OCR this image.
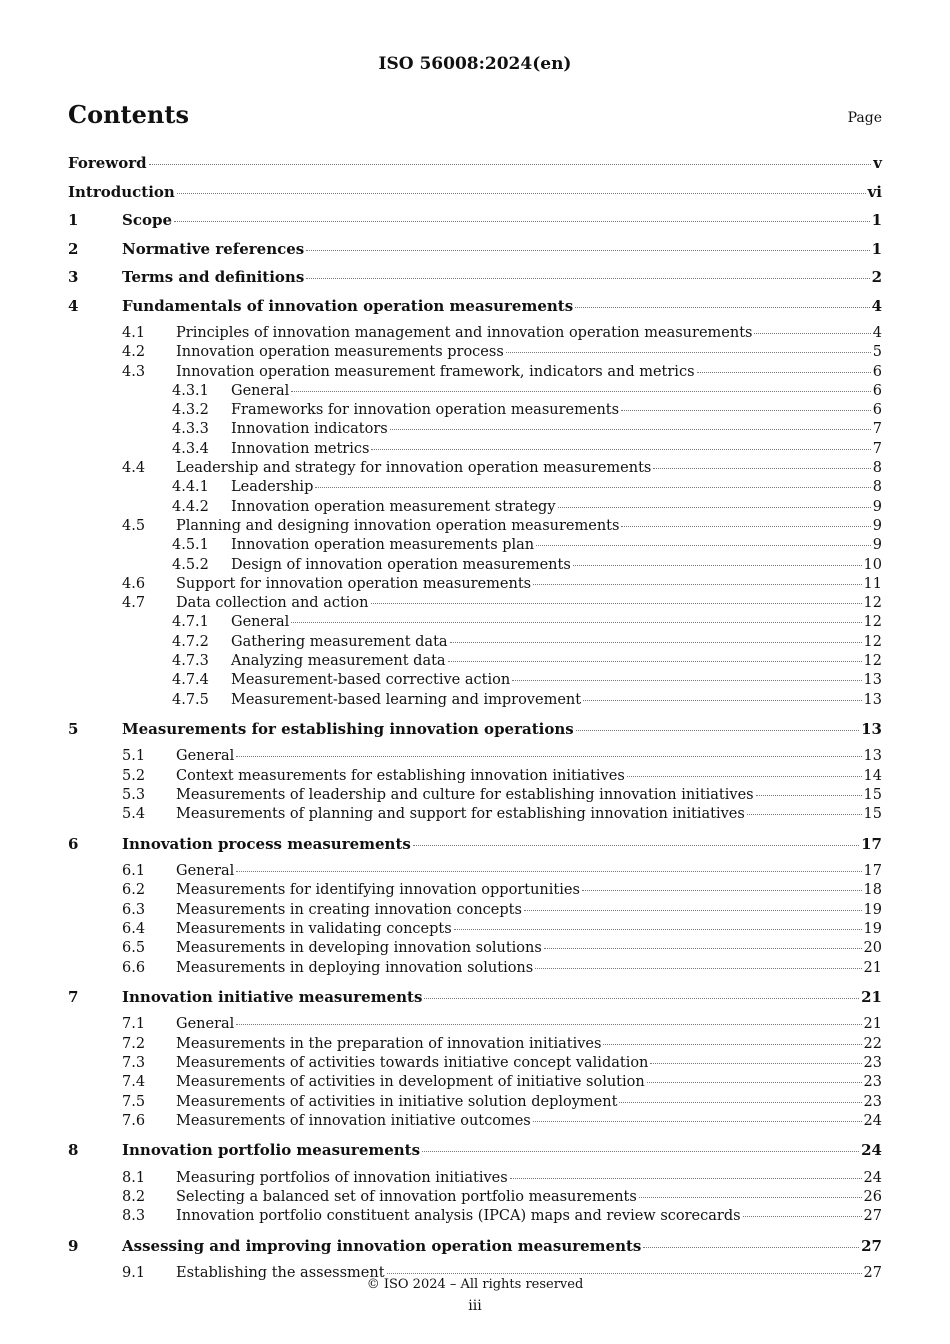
ISO 56008:2024(en)
Contents	Page
Foreword	v
Introduction	vi
1	Scope	1
2	Normative references	1
3	Terms and definitions	2
4	Fundamentals of innovation operation measurements	4
4.1	Principles of innovation management and innovation operation measurements	4
4.2	Innovation operation measurements process	5
4.3	Innovation operation measurement framework, indicators and metrics	6
4.3.1	General	6
4.3.2	Frameworks for innovation operation measurements	6
4.3.3	Innovation indicators	7
4.3.4	Innovation metrics	7
4.4	Leadership and strategy for innovation operation measurements	8
4.4.1	Leadership	8
4.4.2	Innovation operation measurement strategy	9
4.5	Planning and designing innovation operation measurements	9
4.5.1	Innovation operation measurements plan	9
4.5.2	Design of innovation operation measurements	10
4.6	Support for innovation operation measurements	11
4.7	Data collection and action	12
4.7.1	General	12
4.7.2	Gathering measurement data	12
4.7.3	Analyzing measurement data	12
4.7.4	Measurement-based corrective action	13
4.7.5	Measurement-based learning and improvement	13
5	Measurements for establishing innovation operations	13
5.1	General	13
5.2	Context measurements for establishing innovation initiatives	14
5.3	Measurements of leadership and culture for establishing innovation initiatives	15
5.4	Measurements of planning and support for establishing innovation initiatives	15
6	Innovation process measurements	17
6.1	General	17
6.2	Measurements for identifying innovation opportunities	18
6.3	Measurements in creating innovation concepts	19
6.4	Measurements in validating concepts	19
6.5	Measurements in developing innovation solutions	20
6.6	Measurements in deploying innovation solutions	21
7	Innovation initiative measurements	21
7.1	General	21
7.2	Measurements in the preparation of innovation initiatives	22
7.3	Measurements of activities towards initiative concept validation	23
7.4	Measurements of activities in development of initiative solution	23
7.5	Measurements of activities in initiative solution deployment	23
7.6	Measurements of innovation initiative outcomes	24
8	Innovation portfolio measurements	24
8.1	Measuring portfolios of innovation initiatives	24
8.2	Selecting a balanced set of innovation portfolio measurements	26
8.3	Innovation portfolio constituent analysis (IPCA) maps and review scorecards	27
9	Assessing and improving innovation operation measurements	27
9.1	Establishing the assessment	27
© ISO 2024 – All rights reserved
iii
